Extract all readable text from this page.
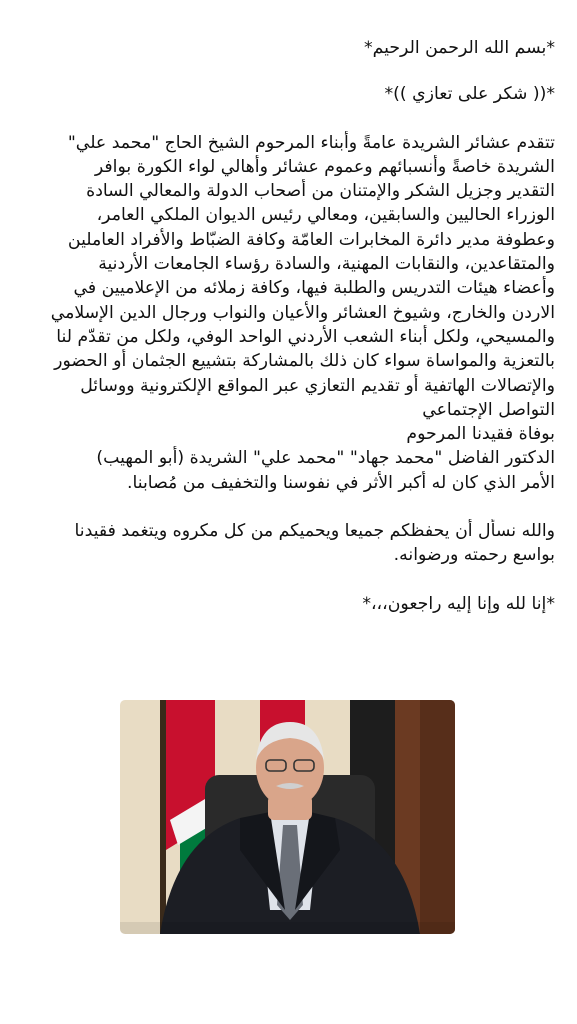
*بسم الله الرحمن الرحيم*
*(( شكر على تعازي ))*
تتقدم عشائر الشريدة عامةً وأبناء المرحوم الشيخ الحاج "محمد علي"
الشريدة خاصةً وأنسبائهم وعموم عشائر وأهالي لواء الكورة بوافر
التقدير وجزيل الشكر والإمتنان من أصحاب الدولة والمعالي السادة
الوزراء الحاليين والسابقين، ومعالي رئيس الديوان الملكي العامر،
وعطوفة مدير دائرة المخابرات العامّة وكافة الضبّاط والأفراد العاملين
والمتقاعدين، والنقابات المهنية، والسادة رؤساء الجامعات الأردنية
وأعضاء هيئات التدريس والطلبة فيها، وكافة زملائه من الإعلاميين في
الاردن والخارج، وشيوخ العشائر والأعيان والنواب ورجال الدين الإسلامي
والمسيحي، ولكل أبناء الشعب الأردني الواحد الوفي، ولكل من تقدّم لنا
بالتعزية والمواساة سواء كان ذلك بالمشاركة بتشييع الجثمان أو الحضور
والإتصالات الهاتفية أو تقديم التعازي عبر المواقع الإلكترونية ووسائل
التواصل الإجتماعي
بوفاة فقيدنا المرحوم
الدكتور الفاضل "محمد جهاد" "محمد علي" الشريدة (أبو المهيب)
الأمر الذي كان له أكبر الأثر في نفوسنا والتخفيف من مُصابنا.
والله نسأل أن يحفظكم جميعا ويحميكم من كل مكروه ويتغمد فقيدنا
بواسع رحمته ورضوانه.
*إنا لله وإنا إليه راجعون،،،*
